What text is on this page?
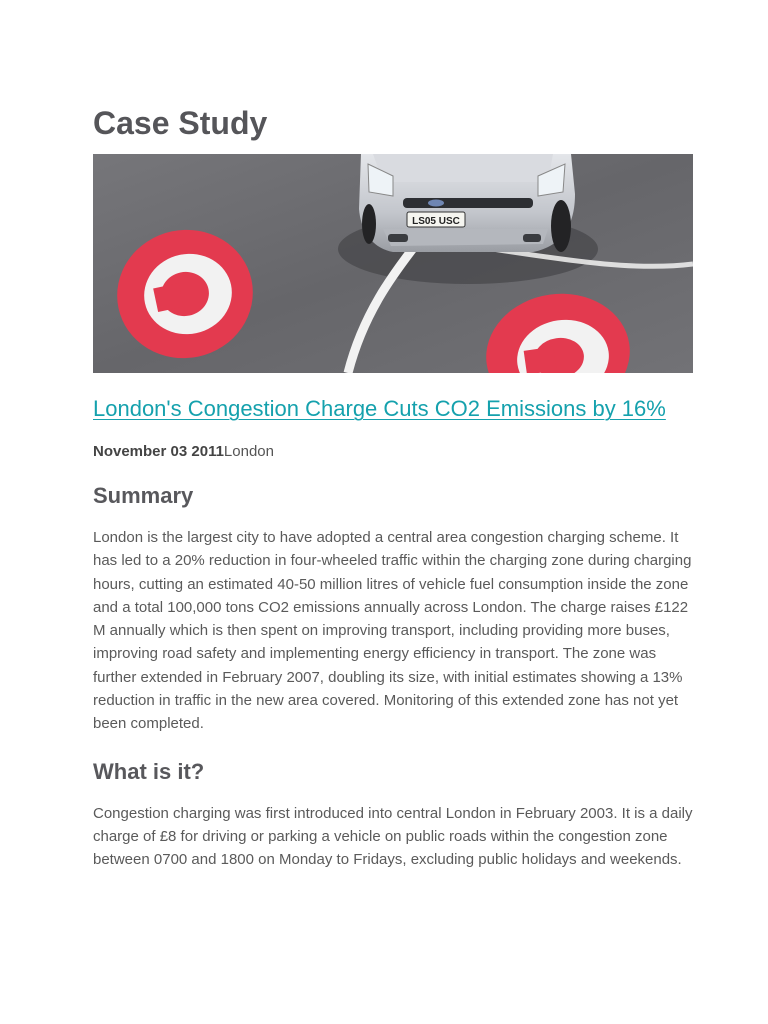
Case Study
LS05 USC
London's Congestion Charge Cuts CO2 Emissions by 16%
November 03 2011London
Summary

London is the largest city to have adopted a central area congestion charging scheme. It has led to a 20% reduction in four-wheeled traffic within the charging zone during charging hours, cutting an estimated 40-50 million litres of vehicle fuel consumption inside the zone and a total 100,000 tons CO2 emissions annually across London. The charge raises £122 M annually which is then spent on improving transport, including providing more buses, improving road safety and implementing energy efficiency in transport. The zone was further extended in February 2007, doubling its size, with initial estimates showing a 13% reduction in traffic in the new area covered. Monitoring of this extended zone has not yet been completed.

What is it?

Congestion charging was first introduced into central London in February 2003. It is a daily charge of £8 for driving or parking a vehicle on public roads within the congestion zone between 0700 and 1800 on Monday to Fridays, excluding public holidays and weekends.
